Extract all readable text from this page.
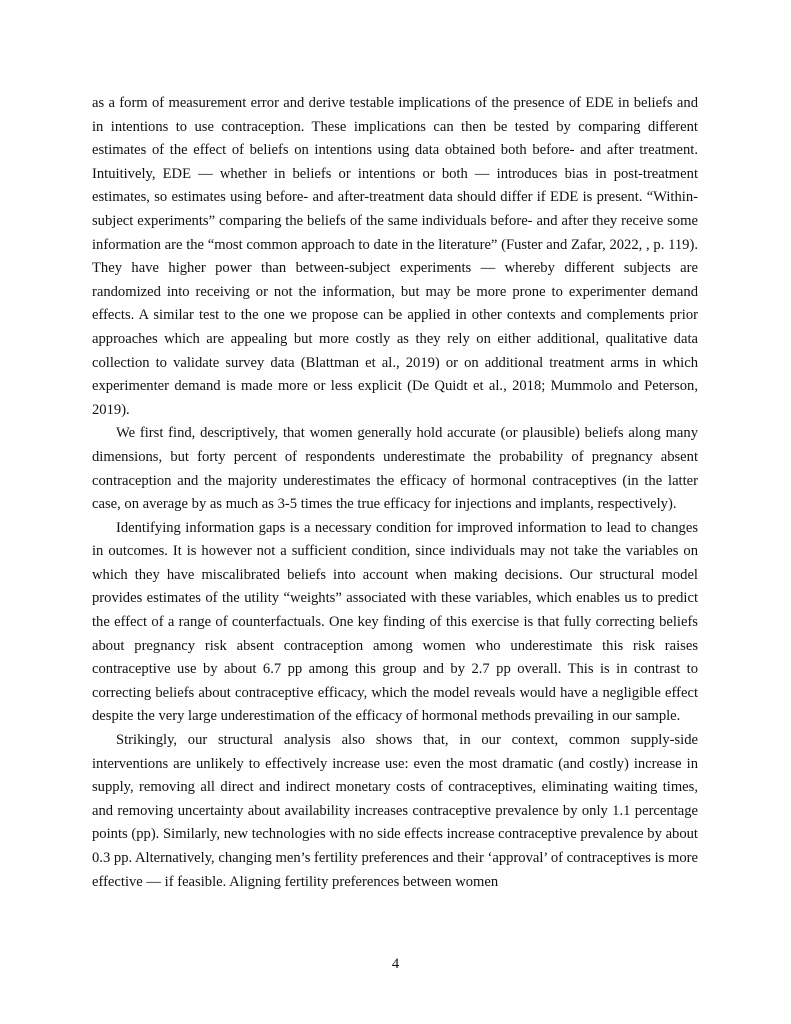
as a form of measurement error and derive testable implications of the presence of EDE in beliefs and in intentions to use contraception. These implications can then be tested by comparing different estimates of the effect of beliefs on intentions using data obtained both before- and after treatment. Intuitively, EDE — whether in beliefs or intentions or both — introduces bias in post-treatment estimates, so estimates using before- and after-treatment data should differ if EDE is present. “Within-subject experiments” comparing the beliefs of the same individuals before- and after they receive some information are the “most common approach to date in the literature” (Fuster and Zafar, 2022, , p. 119). They have higher power than between-subject experiments — whereby different subjects are randomized into receiving or not the information, but may be more prone to experimenter demand effects. A similar test to the one we propose can be applied in other contexts and complements prior approaches which are appealing but more costly as they rely on either additional, qualitative data collection to validate survey data (Blattman et al., 2019) or on additional treatment arms in which experimenter demand is made more or less explicit (De Quidt et al., 2018; Mummolo and Peterson, 2019).

We first find, descriptively, that women generally hold accurate (or plausible) beliefs along many dimensions, but forty percent of respondents underestimate the probability of pregnancy absent contraception and the majority underestimates the efficacy of hormonal contraceptives (in the latter case, on average by as much as 3-5 times the true efficacy for injections and implants, respectively).

Identifying information gaps is a necessary condition for improved information to lead to changes in outcomes. It is however not a sufficient condition, since individuals may not take the variables on which they have miscalibrated beliefs into account when making decisions. Our structural model provides estimates of the utility “weights” associated with these variables, which enables us to predict the effect of a range of counterfactuals. One key finding of this exercise is that fully correcting beliefs about pregnancy risk absent contraception among women who underestimate this risk raises contraceptive use by about 6.7 pp among this group and by 2.7 pp overall. This is in contrast to correcting beliefs about contraceptive efficacy, which the model reveals would have a negligible effect despite the very large underestimation of the efficacy of hormonal methods prevailing in our sample.

Strikingly, our structural analysis also shows that, in our context, common supply-side interventions are unlikely to effectively increase use: even the most dramatic (and costly) increase in supply, removing all direct and indirect monetary costs of contraceptives, eliminating waiting times, and removing uncertainty about availability increases contraceptive prevalence by only 1.1 percentage points (pp). Similarly, new technologies with no side effects increase contraceptive prevalence by about 0.3 pp. Alternatively, changing men’s fertility preferences and their ‘approval’ of contraceptives is more effective — if feasible. Aligning fertility preferences between women

4
